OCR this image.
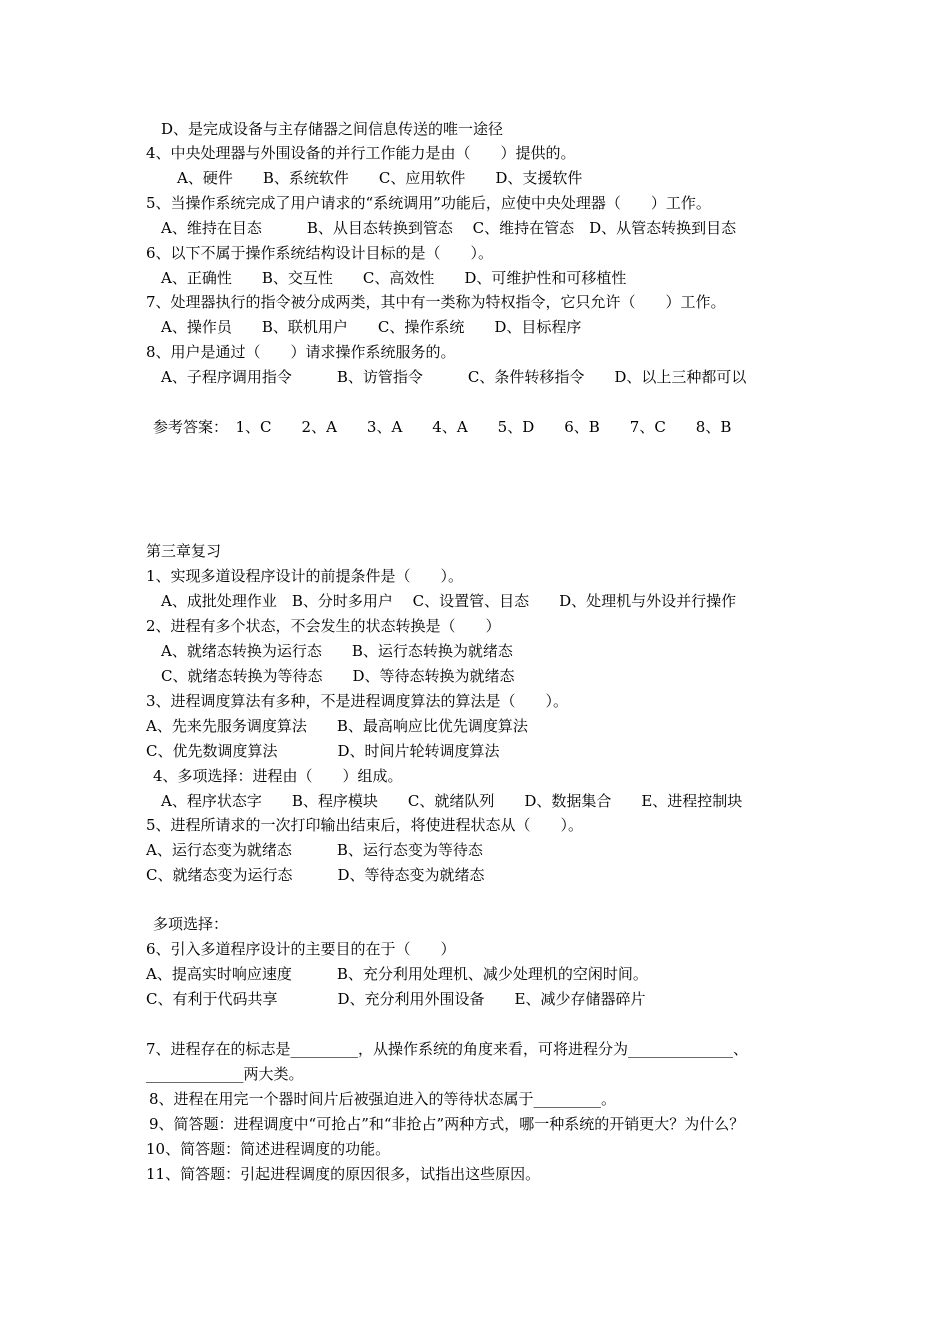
D、是完成设备与主存储器之间信息传送的唯一途径
4、中央处理器与外围设备的并行工作能力是由（　　）提供的。
A、硬件　　B、系统软件　　C、应用软件　　D、支援软件
5、当操作系统完成了用户请求的“系统调用”功能后，应使中央处理器（　　）工作。
A、维持在目态　　　B、从目态转换到管态　 C、维持在管态　D、从管态转换到目态
6、以下不属于操作系统结构设计目标的是（　　）。
A、正确性　　B、交互性　　C、高效性　　D、可维护性和可移植性
7、处理器执行的指令被分成两类，其中有一类称为特权指令，它只允许（　　）工作。
A、操作员　　B、联机用户　　C、操作系统　　D、目标程序
8、用户是通过（　　）请求操作系统服务的。
A、子程序调用指令　　　B、访管指令　　　C、条件转移指令　　D、以上三种都可以
参考答案：　1、C　　2、A　　3、A　　4、A　　5、D　　6、B　　7、C　　8、B
第三章复习
1、实现多道设程序设计的前提条件是（　　）。
A、成批处理作业　B、分时多用户　 C、设置管、目态　　D、处理机与外设并行操作
2、进程有多个状态，不会发生的状态转换是（　　）
A、就绪态转换为运行态　　B、运行态转换为就绪态
C、就绪态转换为等待态　　D、等待态转换为就绪态
3、进程调度算法有多种，不是进程调度算法的算法是（　　）。
A、先来先服务调度算法　　B、最高响应比优先调度算法
C、优先数调度算法　　　　D、时间片轮转调度算法
4、多项选择：进程由（　　）组成。
A、程序状态字　　B、程序模块　　C、就绪队列　　D、数据集合　　E、进程控制块
5、进程所请求的一次打印输出结束后，将使进程状态从（　　）。
A、运行态变为就绪态　　　B、运行态变为等待态
C、就绪态变为运行态　　　D、等待态变为就绪态
多项选择：
6、引入多道程序设计的主要目的在于（　　）
A、提高实时响应速度　　　B、充分利用处理机、减少处理机的空闲时间。
C、有利于代码共享　　　　D、充分利用外围设备　　E、减少存储器碎片
7、进程存在的标志是_________，从操作系统的角度来看，可将进程分为______________、
_____________两大类。
8、进程在用完一个器时间片后被强迫进入的等待状态属于_________。
9、简答题：进程调度中“可抢占”和“非抢占”两种方式，哪一种系统的开销更大？为什么？
10、简答题：简述进程调度的功能。
11、简答题：引起进程调度的原因很多，试指出这些原因。
